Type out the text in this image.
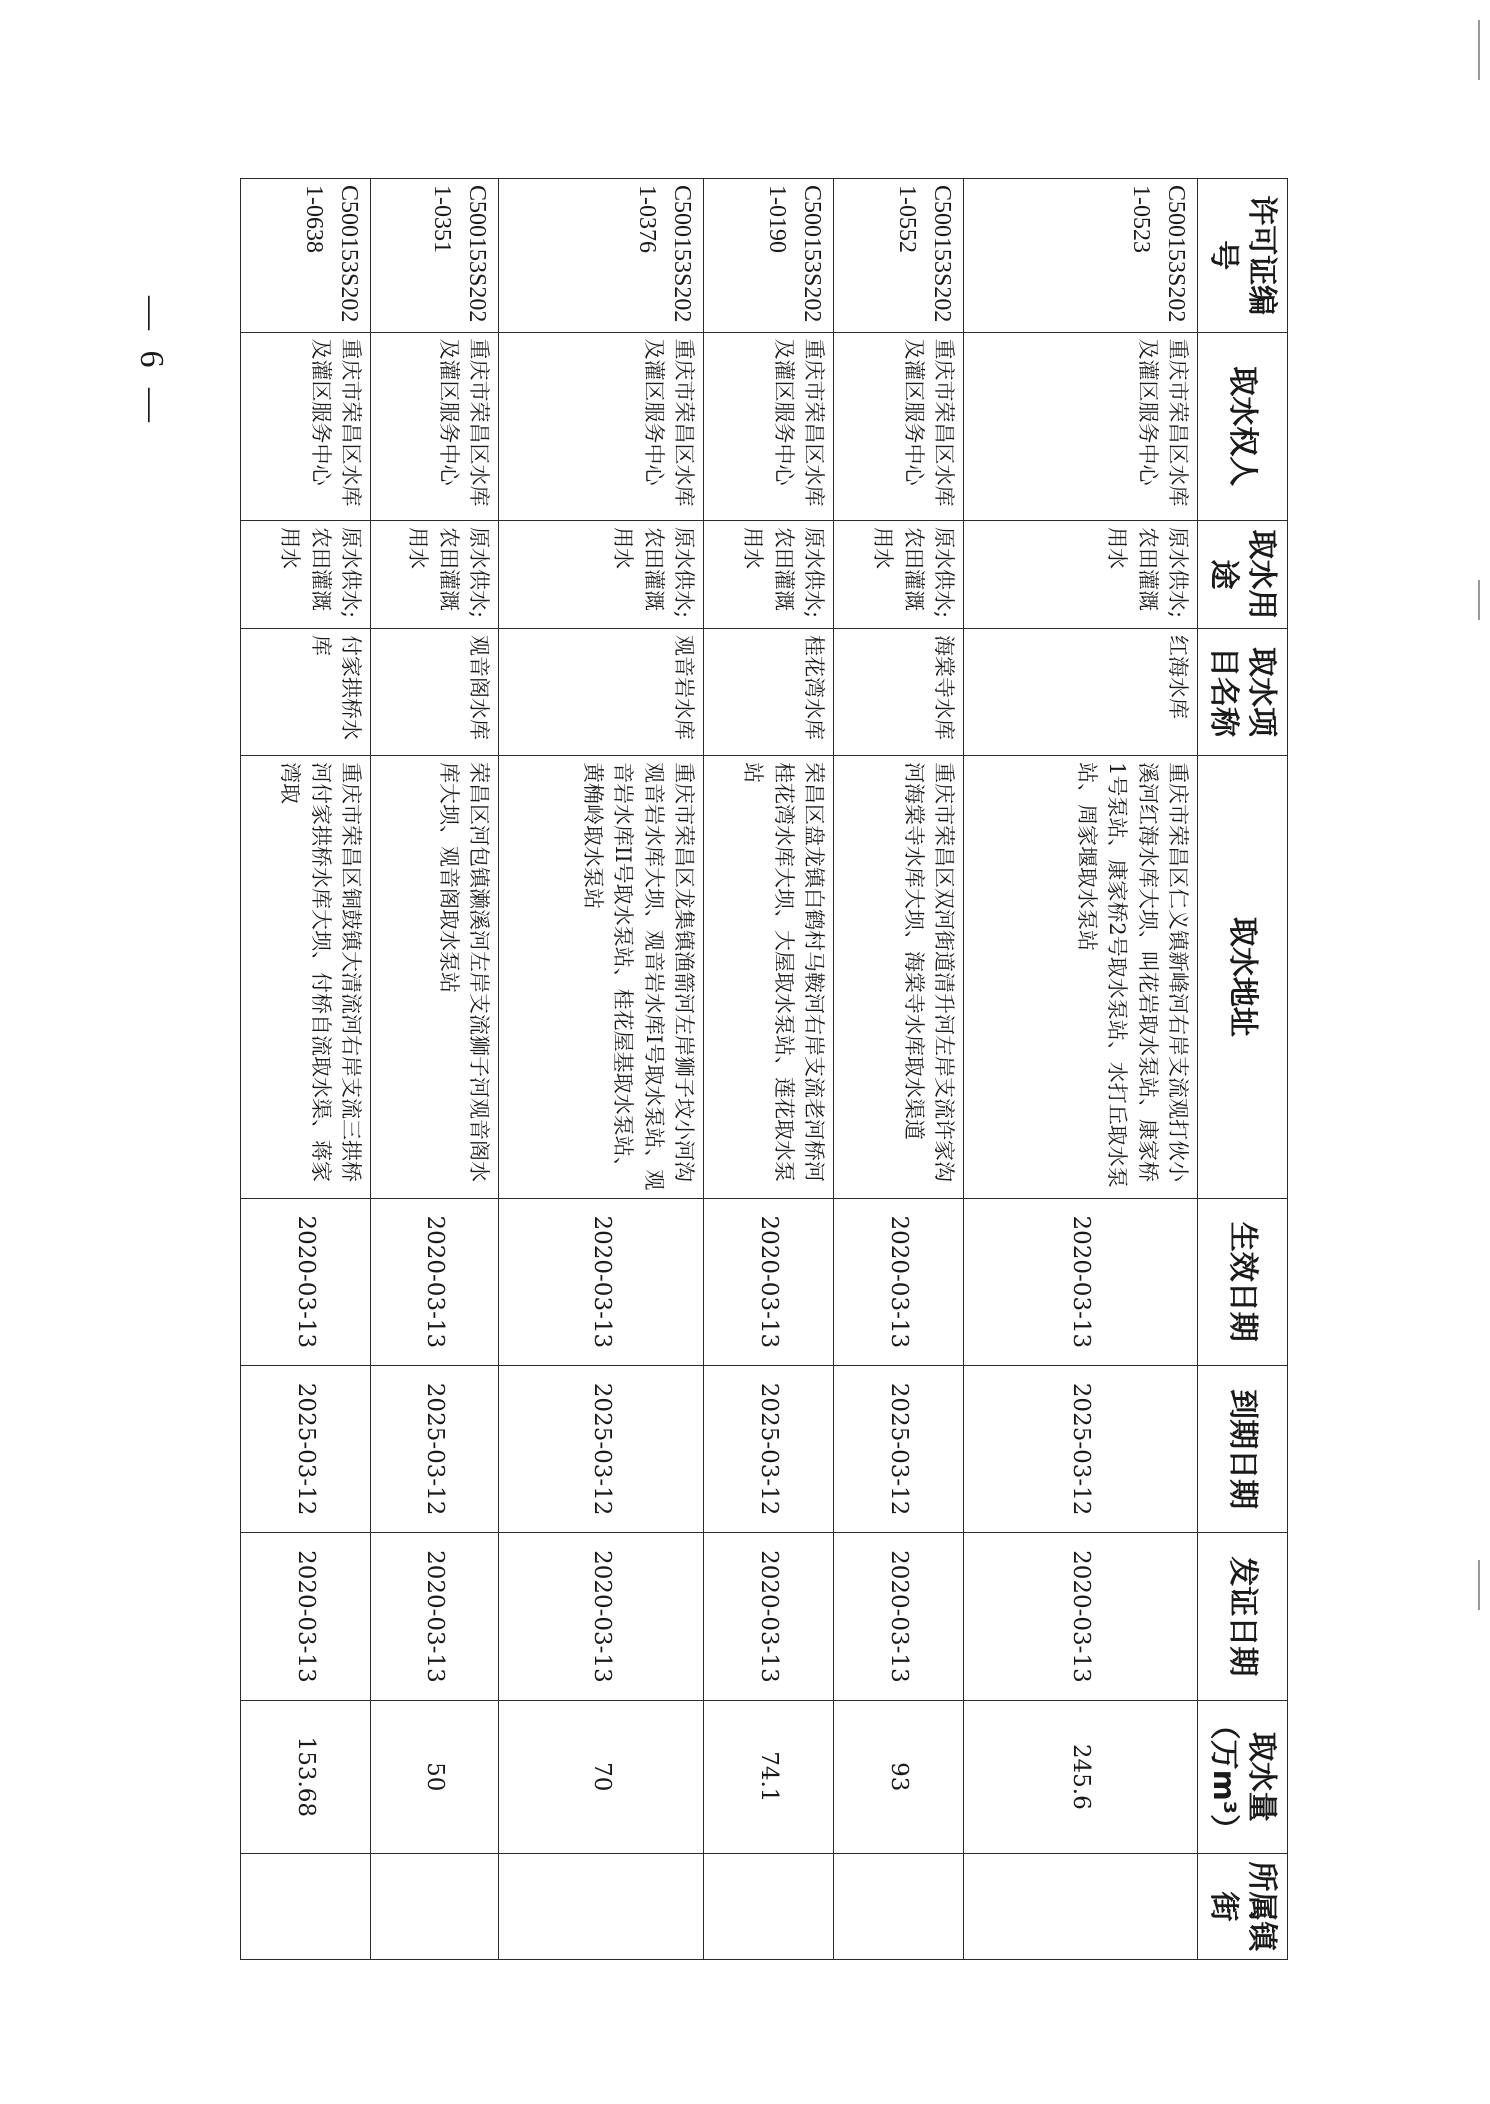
许可证编号	取水权人	取水用途	取水项目名称	取水地址	生效日期	到期日期	发证日期	取水量（万m³）	所属镇街
C500153S2021-0523	重庆市荣昌区水库及灌区服务中心	原水供水;农田灌溉用水	红海水库	重庆市荣昌区仁义镇新峰河右岸支流观打伙小溪河红海水库大坝、叫花岩取水泵站、康家桥1号泵站、康家桥2号取水泵站、水打丘取水泵站、周家堰取水泵站	2020-03-13	2025-03-12	2020-03-13	245.6	
C500153S2021-0552	重庆市荣昌区水库及灌区服务中心	原水供水;农田灌溉用水	海棠寺水库	重庆市荣昌区双河街道清升河左岸支流许家沟河海棠寺水库大坝、海棠寺水库取水渠道	2020-03-13	2025-03-12	2020-03-13	93	
C500153S2021-0190	重庆市荣昌区水库及灌区服务中心	原水供水;农田灌溉用水	桂花湾水库	荣昌区盘龙镇白鹤村马鞍河右岸支流老河桥河桂花湾水库大坝、大屋取水泵站、莲花取水泵站	2020-03-13	2025-03-12	2020-03-13	74.1	
C500153S2021-0376	重庆市荣昌区水库及灌区服务中心	原水供水;农田灌溉用水	观音岩水库	重庆市荣昌区龙集镇渔箭河左岸狮子坟小河沟观音岩水库大坝、观音岩水库I号取水泵站、观音岩水库II号取水泵站、桂花屋基取水泵站、黄桷岭取水泵站	2020-03-13	2025-03-12	2020-03-13	70	
C500153S2021-0351	重庆市荣昌区水库及灌区服务中心	原水供水;农田灌溉用水	观音阁水库	荣昌区河包镇濑溪河左岸支流狮子河观音阁水库大坝、观音阁取水泵站	2020-03-13	2025-03-12	2020-03-13	50	
C500153S2021-0638	重庆市荣昌区水库及灌区服务中心	原水供水;农田灌溉用水	付家拱桥水库	重庆市荣昌区铜鼓镇大清流河右岸支流三拱桥河付家拱桥水库大坝、付桥自流取水渠、蒋家湾取	2020-03-13	2025-03-12	2020-03-13	153.68	
— 6 —
